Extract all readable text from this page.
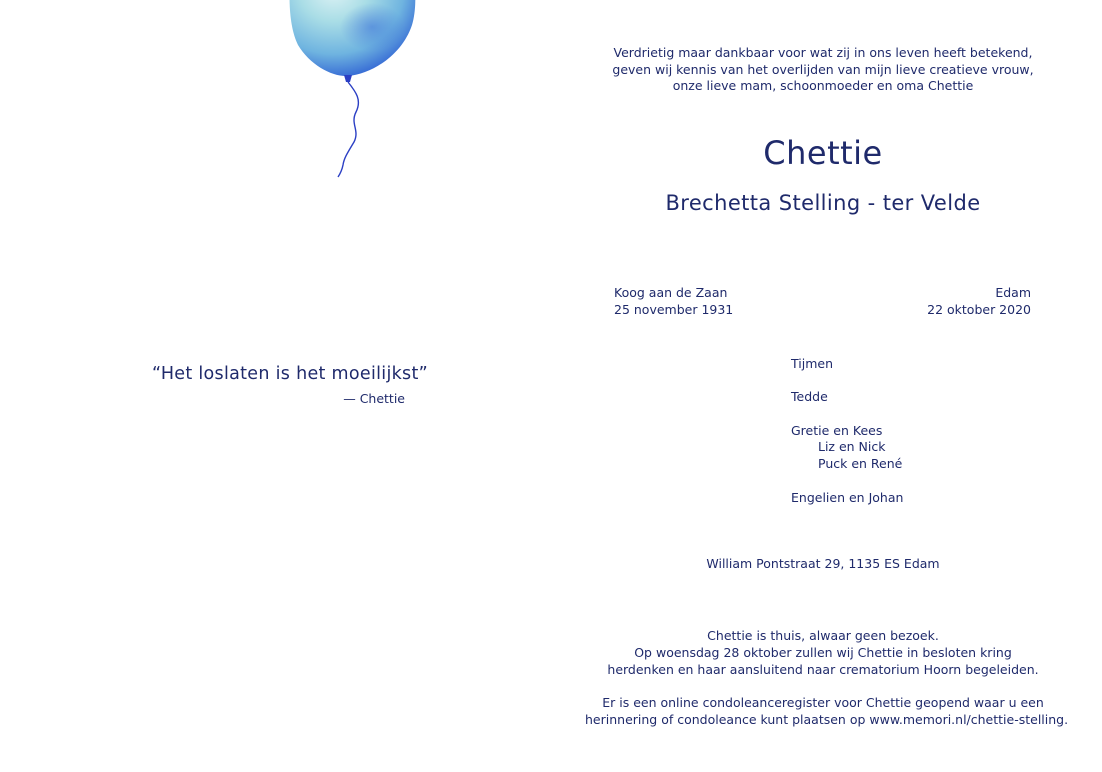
“Het loslaten is het moeilijkst”
— Chettie
Verdrietig maar dankbaar voor wat zij in ons leven heeft betekend,
geven wij kennis van het overlijden van mijn lieve creatieve vrouw,
onze lieve mam, schoonmoeder en oma Chettie
Chettie
Brechetta Stelling - ter Velde
Koog aan de Zaan
25 november 1931
Edam
22 oktober 2020
Tijmen
Tedde
Gretie en Kees
Liz en Nick
Puck en René
Engelien en Johan
William Pontstraat 29, 1135 ES Edam
Chettie is thuis, alwaar geen bezoek.
Op woensdag 28 oktober zullen wij Chettie in besloten kring
herdenken en haar aansluitend naar crematorium Hoorn begeleiden.
Er is een online condoleanceregister voor Chettie geopend waar u een
herinnering of condoleance kunt plaatsen op www.memori.nl/chettie-stelling.
